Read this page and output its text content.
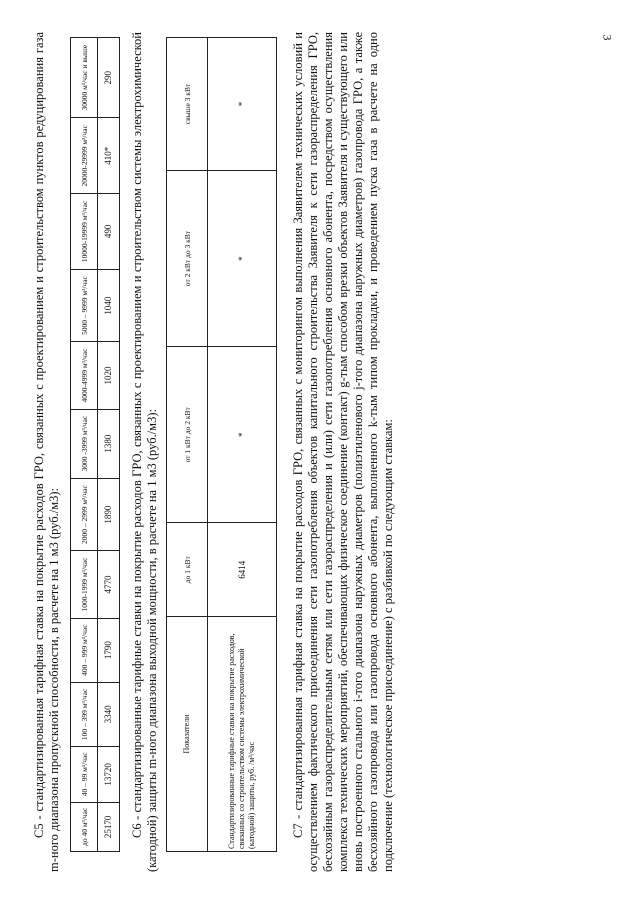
3

С5 - стандартизированная тарифная ставка на покрытие расходов ГРО, связанных с проектированием и строительством пунктов редуцирования газа m-ного диапазона пропускной способности, в расчете на 1 м3 (руб./м3): до 40 м³/час	40 – 99 м³/час	100 – 399 м³/час	400 – 999 м³/час	1000-1999 м³/час	2000 – 2999 м³/час	3000 -3999 м³/час	4000-4999 м³/час	5000 – 9999 м³/час	10000-19999 м³/час	20000-29999 м³/час	30000 м³/час и выше
25170	13720	3340	1790	4770	1890	1380	1020	1040	490	410*	290 С6 - стандартизированные тарифные ставки на покрытие расходов ГРО, связанных с проектированием и строительством системы электрохимической (катодной) защиты m-ного диапазона выходной мощности, в расчете на 1 м3 (руб./м3):	Показатели	до 1 кВт	от 1 кВт до 2 кВт	от 2 кВт до 3 кВт	свыше 3 кВт
Стандартизированные тарифные ставки на покрытие расходов, связанных со строительством системы электрохимической (катодной) защиты, руб. /м³/час	6414	*	*	*	С7 - стандартизированная тарифная ставка на покрытие расходов ГРО, связанных с мониторингом выполнения Заявителем технических условий и осуществлением фактического присоединения сети газопотребления объектов капитального строительства Заявителя к сети газораспределения ГРО, бесхозяйным газораспределительным сетям или сети газораспределения и (или) сети газопотребления основного абонента, посредством осуществления комплекса технических мероприятий, обеспечивающих физическое соединение (контакт) g-тым способом врезки объектов Заявителя и существующего или вновь построенного стального i-того диапазона наружных диаметров (полиэтиленового j-того диапазона наружных диаметров) газопровода ГРО, а также бесхозяйного газопровода или газопровода основного абонента, выполненного k-тым типом прокладки, и проведением пуска газа в расчете на одно подключение (технологическое присоединение) с разбивкой по следующим ставкам:
